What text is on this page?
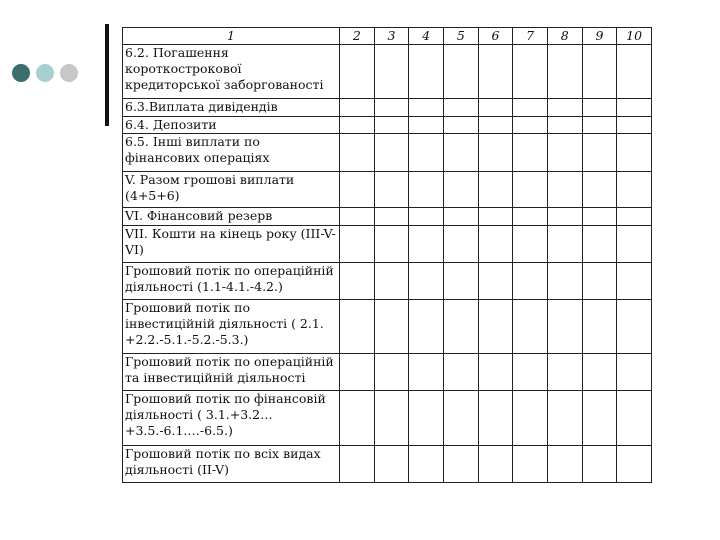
1	2	3	4	5	6	7	8	9	10
6.2. Погашення короткострокової кредиторської заборгованості									
6.3.Виплата дивідендів									
6.4. Депозити									
6.5. Інші виплати по фінансових операціях									
V. Разом грошові виплати (4+5+6)									
VI. Фінансовий резерв									
VII. Кошти на кінець року (III-V-VI)									
Грошовий потік по операційній діяльності (1.1-4.1.-4.2.)									
Грошовий потік по інвестиційній діяльності ( 2.1. +2.2.-5.1.-5.2.-5.3.)									
Грошовий потік по операційній та інвестиційній діяльності									
Грошовий потік по фінансовій діяльності ( 3.1.+3.2… +3.5.-6.1.…-6.5.)									
Грошовий потік по всіх видах діяльності (II-V)									
